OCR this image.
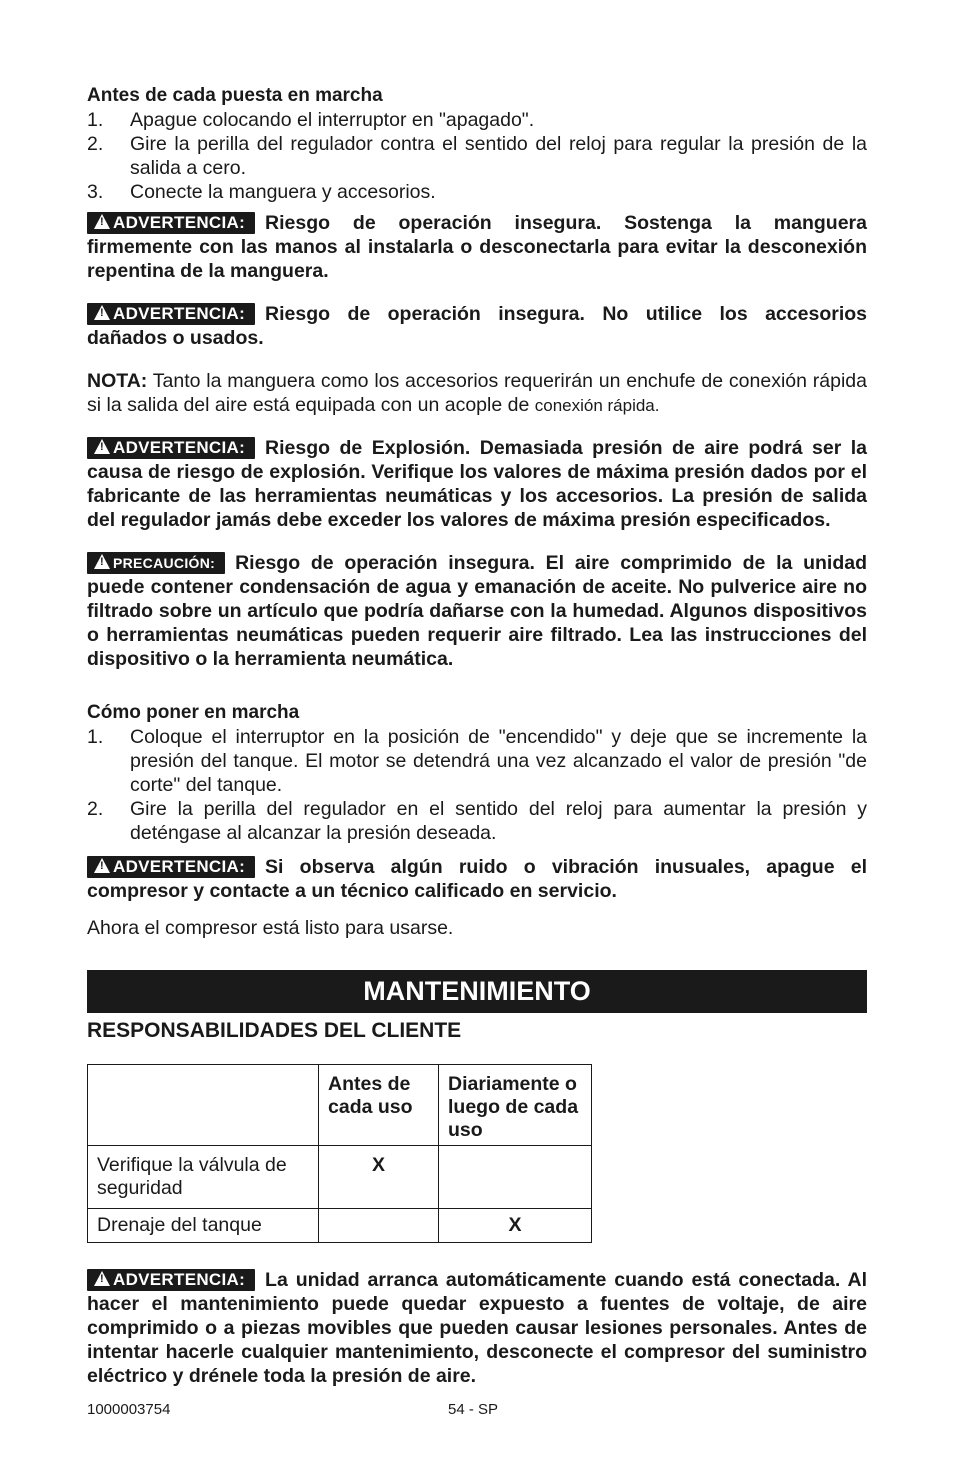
Antes de cada puesta en marcha

1. Apague colocando el interruptor en "apagado".
2. Gire la perilla del regulador contra el sentido del reloj para regular la presión de la salida a cero.
3. Conecte la manguera y accesorios.

!ADVERTENCIA: Riesgo de operación insegura. Sostenga la manguera firmemente con las manos al instalarla o desconectarla para evitar la desconexión repentina de la manguera.

!ADVERTENCIA: Riesgo de operación insegura. No utilice los accesorios dañados o usados.

NOTA: Tanto la manguera como los accesorios requerirán un enchufe de conexión rápida si la salida del aire está equipada con un acople de conexión rápida.

!ADVERTENCIA: Riesgo de Explosión. Demasiada presión de aire podrá ser la causa de riesgo de explosión. Verifique los valores de máxima presión dados por el fabricante de las herramientas neumáticas y los accesorios. La presión de salida del regulador jamás debe exceder los valores de máxima presión especificados.

!PRECAUCIÓN: Riesgo de operación insegura. El aire comprimido de la unidad puede contener condensación de agua y emanación de aceite. No pulverice aire no filtrado sobre un artículo que podría dañarse con la humedad. Algunos dispositivos o herramientas neumáticas pueden requerir aire filtrado. Lea las instrucciones del dispositivo o la herramienta neumática.

Cómo poner en marcha

1. Coloque el interruptor en la posición de "encendido" y deje que se incremente la presión del tanque. El motor se detendrá una vez alcanzado el valor de presión "de corte" del tanque.
2. Gire la perilla del regulador en el sentido del reloj para aumentar la presión y deténgase al alcanzar la presión deseada.

!ADVERTENCIA: Si observa algún ruido o vibración inusuales, apague el compresor y contacte a un técnico calificado en servicio.

Ahora el compresor está listo para usarse.

MANTENIMIENTO
RESPONSABILIDADES DEL CLIENTE
	Antes de cada uso	Diariamente o luego de cada uso
Verifique la válvula de seguridad	X	
Drenaje del tanque		X

!ADVERTENCIA: La unidad arranca automáticamente cuando está conectada. Al hacer el mantenimiento puede quedar expuesto a fuentes de voltaje, de aire comprimido o a piezas movibles que pueden causar lesiones personales. Antes de intentar hacerle cualquier mantenimiento, desconecte el compresor del suministro eléctrico y drénele toda la presión de aire.

1000003754	54 - SP
